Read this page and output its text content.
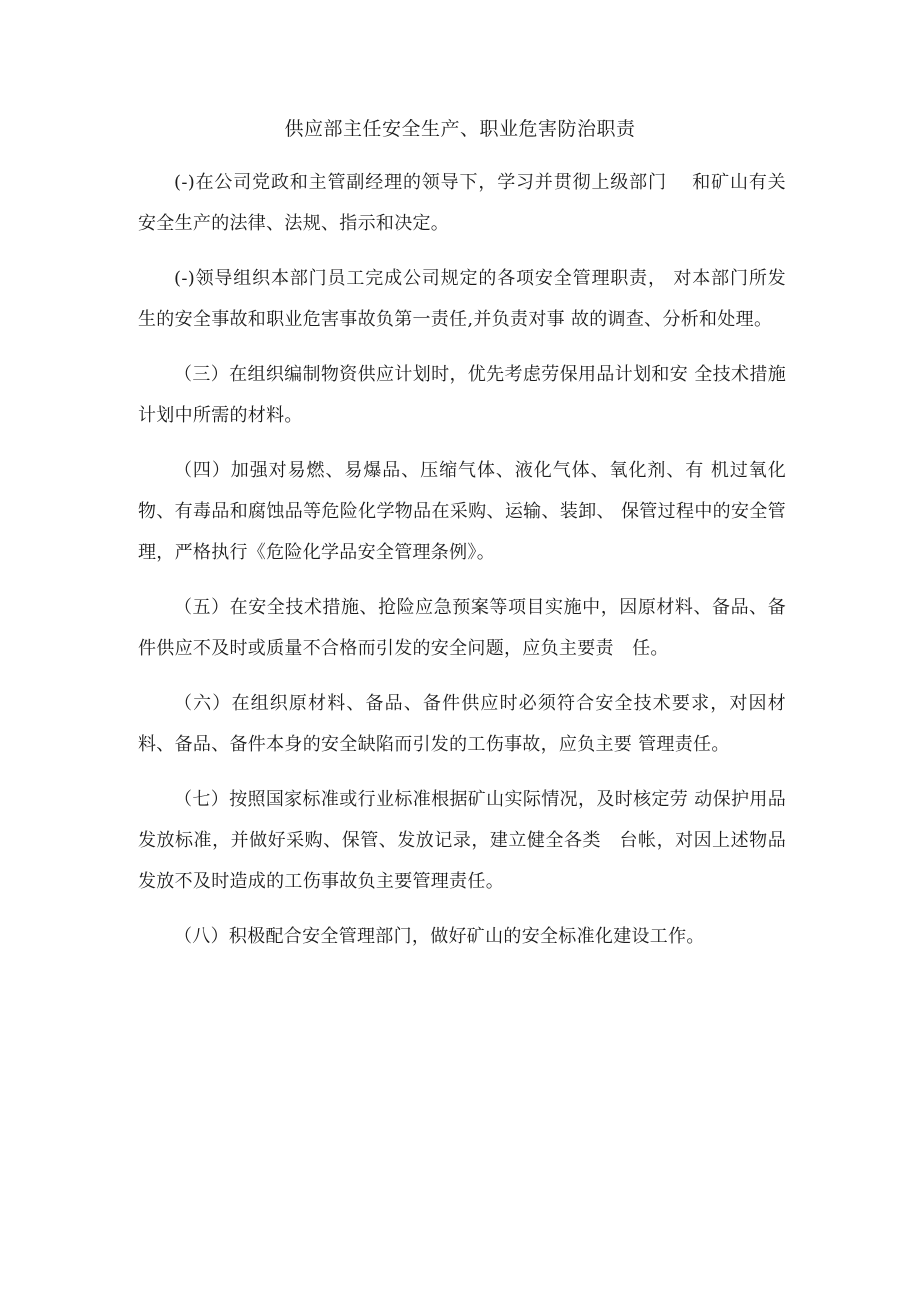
供应部主任安全生产、职业危害防治职责

(-)在公司党政和主管副经理的领导下，学习并贯彻上级部门　 和矿山有关安全生产的法律、法规、指示和决定。

(-)领导组织本部门员工完成公司规定的各项安全管理职责， 对本部门所发生的安全事故和职业危害事故负第一责任,并负责对事 故的调查、分析和处理。

（三）在组织编制物资供应计划时，优先考虑劳保用品计划和安 全技术措施计划中所需的材料。

（四）加强对易燃、易爆品、压缩气体、液化气体、氧化剂、有 机过氧化物、有毒品和腐蚀品等危险化学物品在采购、运输、装卸、 保管过程中的安全管理，严格执行《危险化学品安全管理条例》。

（五）在安全技术措施、抢险应急预案等项目实施中，因原材料、备品、备件供应不及时或质量不合格而引发的安全问题，应负主要责　任。

（六）在组织原材料、备品、备件供应时必须符合安全技术要求，对因材料、备品、备件本身的安全缺陷而引发的工伤事故，应负主要 管理责任。

（七）按照国家标准或行业标准根据矿山实际情况，及时核定劳 动保护用品发放标准，并做好采购、保管、发放记录，建立健全各类　台帐，对因上述物品发放不及时造成的工伤事故负主要管理责任。

（八）积极配合安全管理部门，做好矿山的安全标准化建设工作。
